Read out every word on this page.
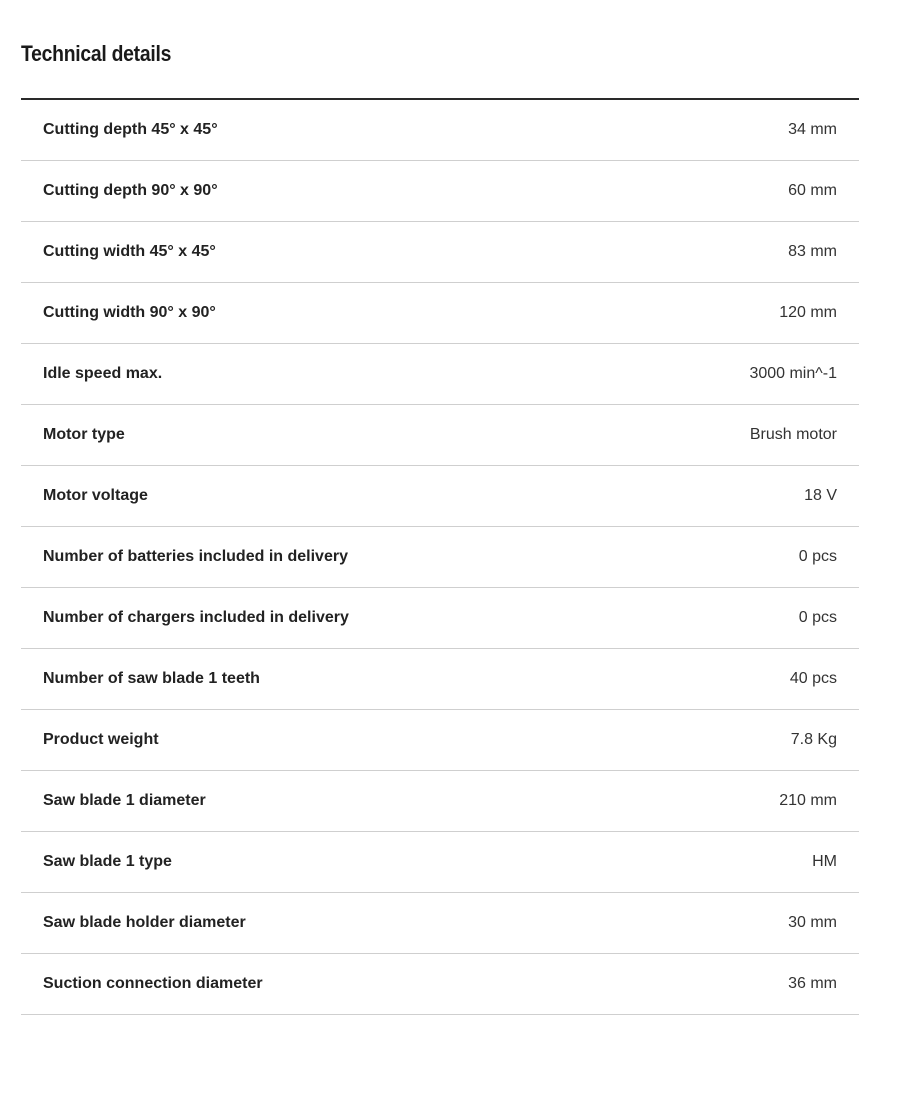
Technical details
Cutting depth 45° x 45°	34 mm
Cutting depth 90° x 90°	60 mm
Cutting width 45° x 45°	83 mm
Cutting width 90° x 90°	120 mm
Idle speed max.	3000 min^-1
Motor type	Brush motor
Motor voltage	18 V
Number of batteries included in delivery	0 pcs
Number of chargers included in delivery	0 pcs
Number of saw blade 1 teeth	40 pcs
Product weight	7.8 Kg
Saw blade 1 diameter	210 mm
Saw blade 1 type	HM
Saw blade holder diameter	30 mm
Suction connection diameter	36 mm
